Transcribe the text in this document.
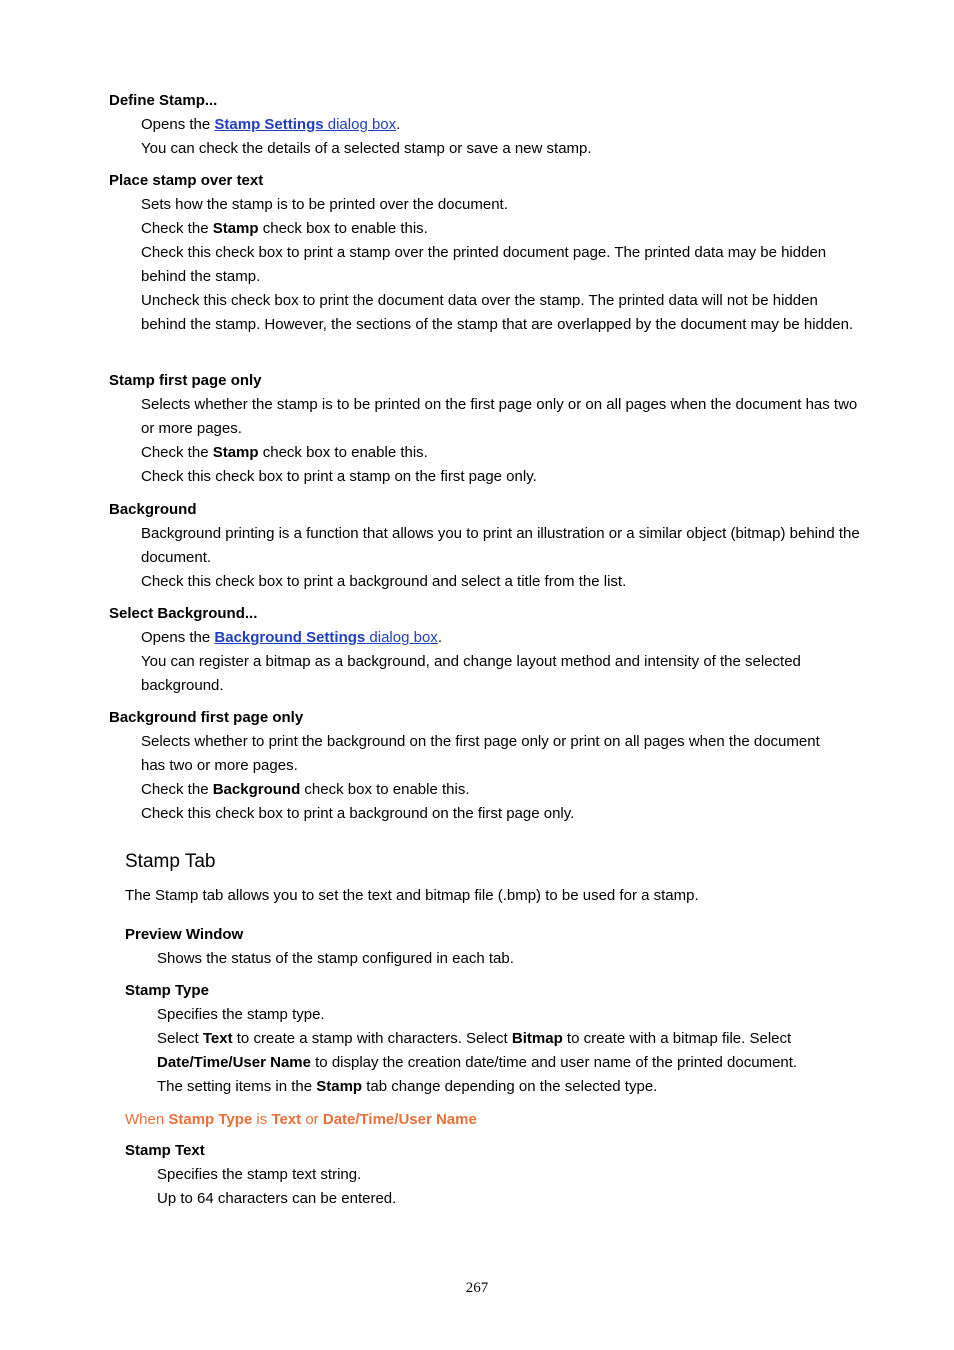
Define Stamp...

Opens the Stamp Settings dialog box.

You can check the details of a selected stamp or save a new stamp.

Place stamp over text

Sets how the stamp is to be printed over the document.

Check the Stamp check box to enable this.

Check this check box to print a stamp over the printed document page. The printed data may be hidden behind the stamp.

Uncheck this check box to print the document data over the stamp. The printed data will not be hidden behind the stamp. However, the sections of the stamp that are overlapped by the document may be hidden.

Stamp first page only

Selects whether the stamp is to be printed on the first page only or on all pages when the document has two or more pages.

Check the Stamp check box to enable this.

Check this check box to print a stamp on the first page only.

Background

Background printing is a function that allows you to print an illustration or a similar object (bitmap) behind the document.

Check this check box to print a background and select a title from the list.

Select Background...

Opens the Background Settings dialog box.

You can register a bitmap as a background, and change layout method and intensity of the selected background.

Background first page only

Selects whether to print the background on the first page only or print on all pages when the document has two or more pages.

Check the Background check box to enable this.

Check this check box to print a background on the first page only.

Stamp Tab
The Stamp tab allows you to set the text and bitmap file (.bmp) to be used for a stamp.
Preview Window

Shows the status of the stamp configured in each tab.

Stamp Type

Specifies the stamp type.

Select Text to create a stamp with characters. Select Bitmap to create with a bitmap file. Select Date/Time/User Name to display the creation date/time and user name of the printed document.

The setting items in the Stamp tab change depending on the selected type.

When Stamp Type is Text or Date/Time/User Name
Stamp Text

Specifies the stamp text string.

Up to 64 characters can be entered.

267
